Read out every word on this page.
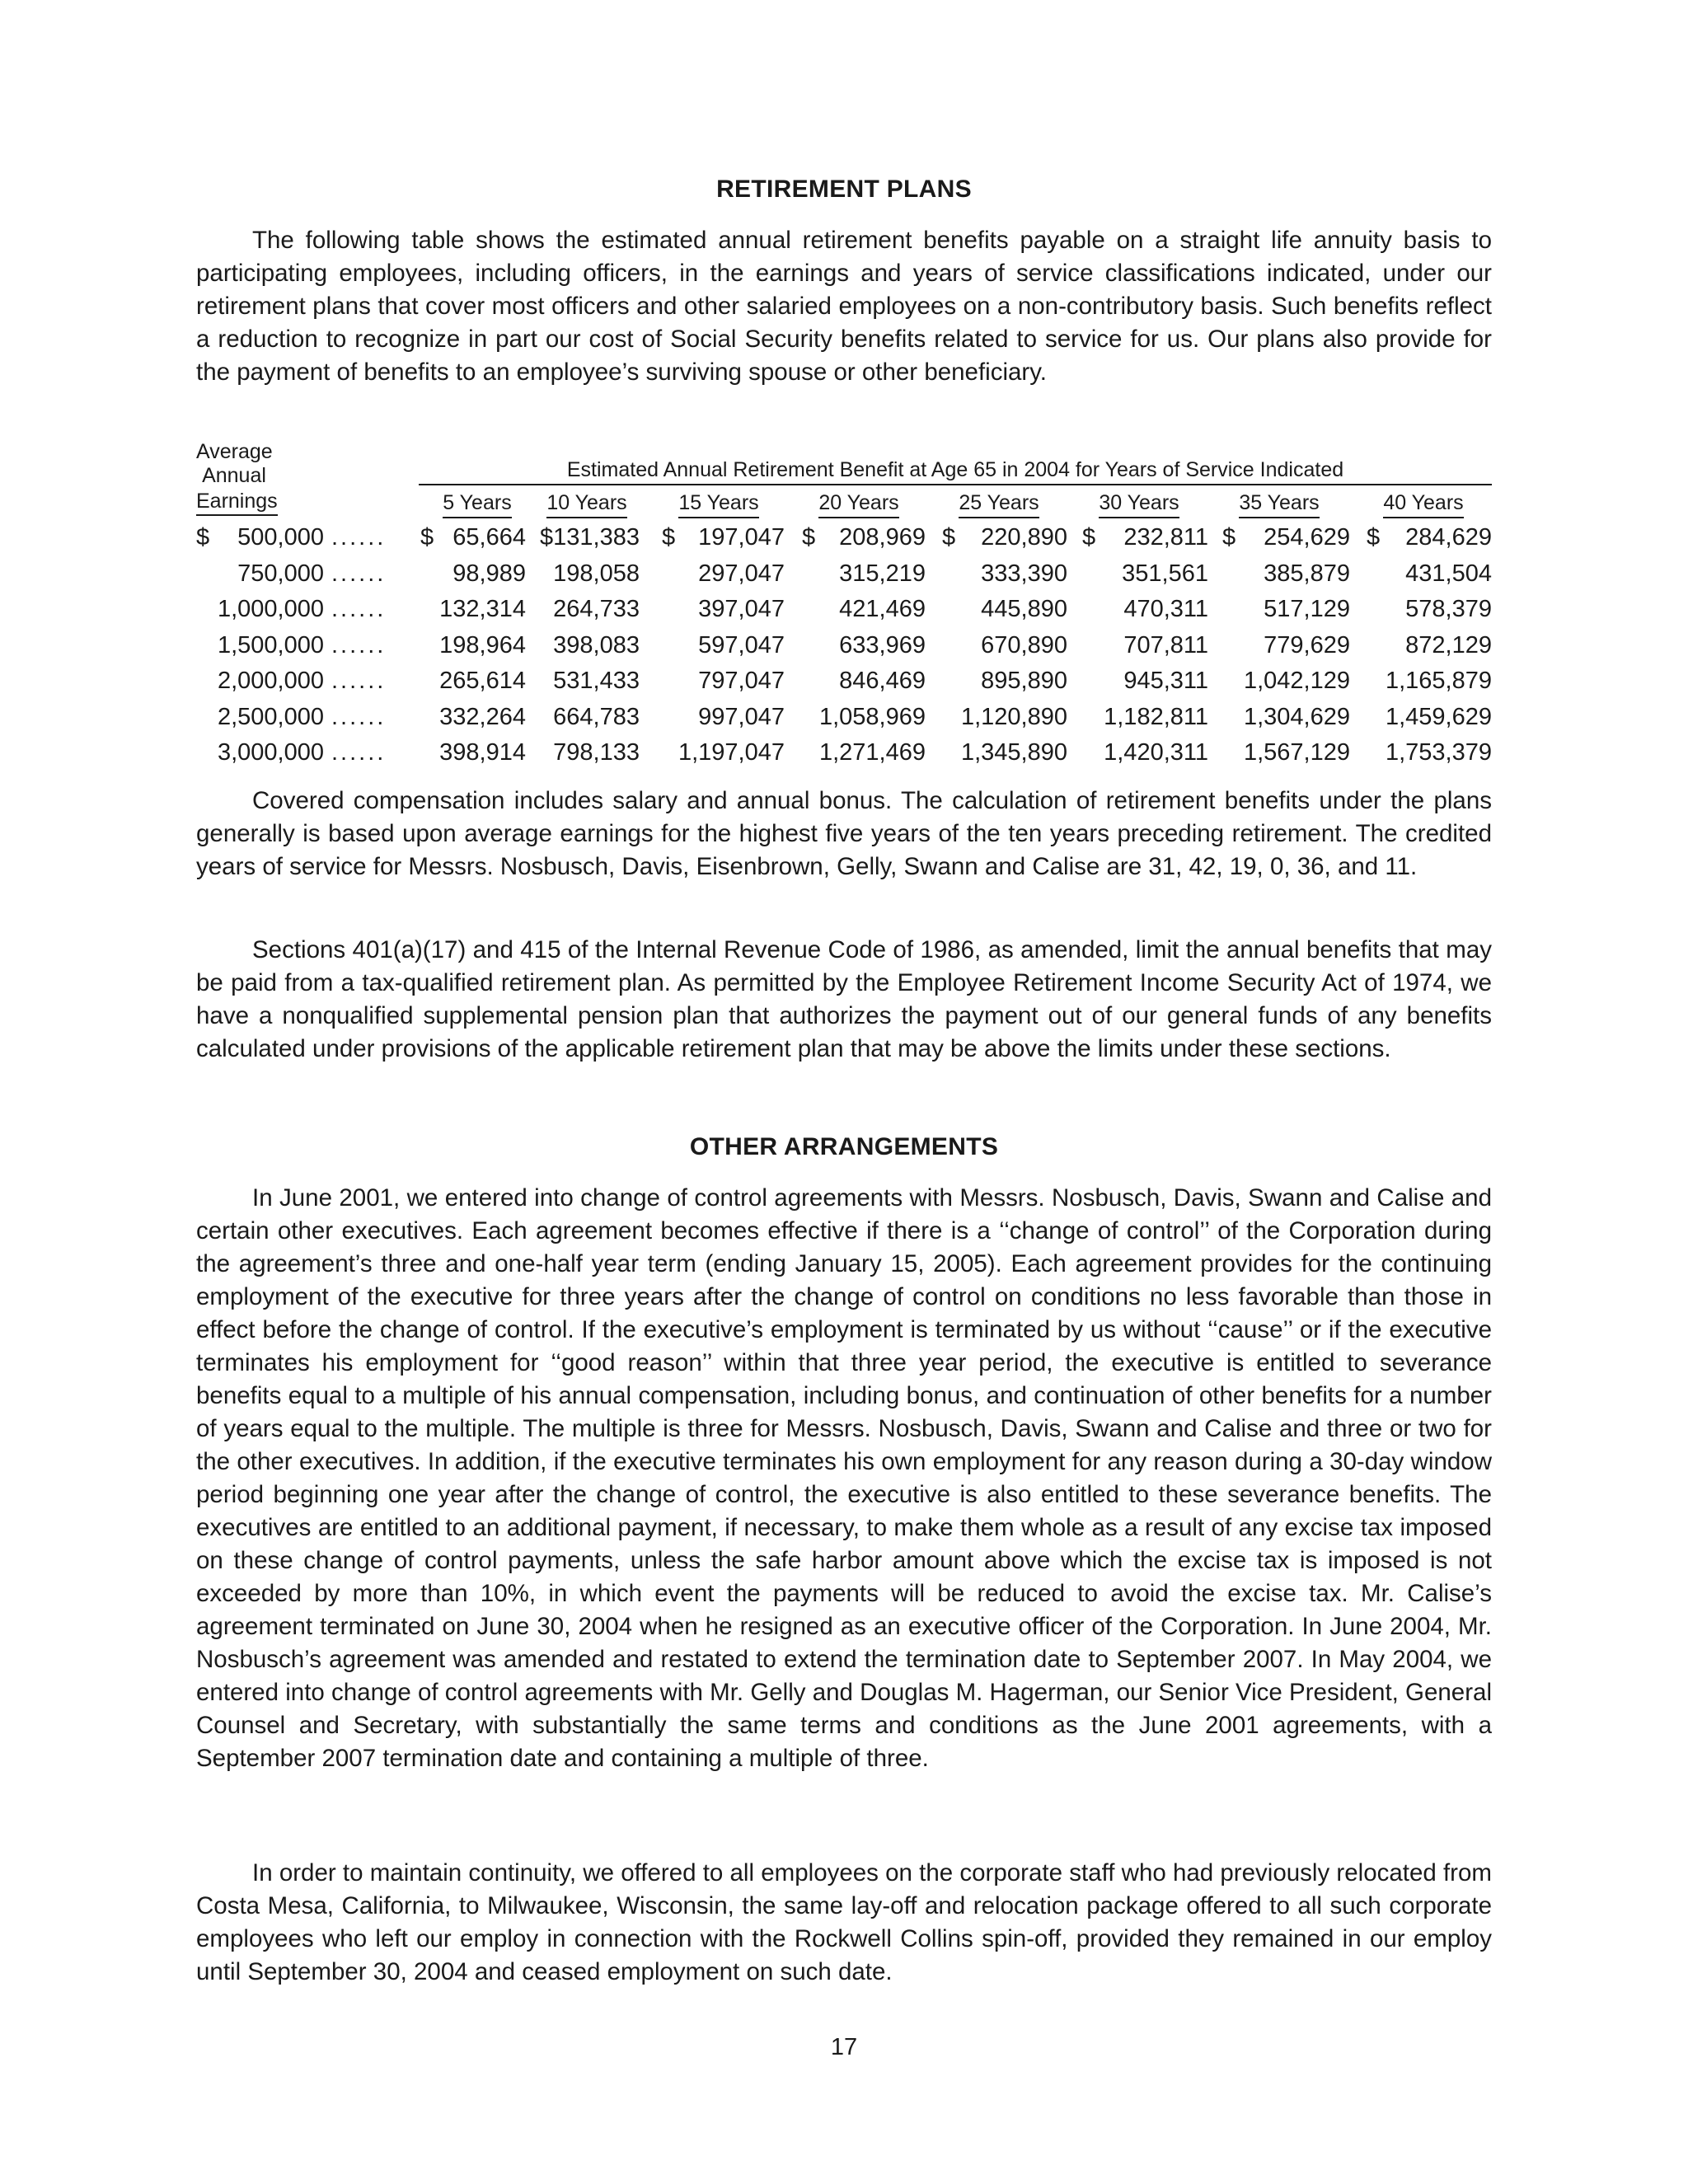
RETIREMENT PLANS

The following table shows the estimated annual retirement benefits payable on a straight life annuity basis to participating employees, including officers, in the earnings and years of service classifications indicated, under our retirement plans that cover most officers and other salaried employees on a non-contributory basis. Such benefits reflect a reduction to recognize in part our cost of Social Security benefits related to service for us. Our plans also provide for the payment of benefits to an employee’s surviving spouse or other beneficiary.

Average
Annual
Earnings
Estimated Annual Retirement Benefit at Age 65 in 2004 for Years of Service Indicated
5 Years	10 Years	15 Years	20 Years	25 Years	30 Years	35 Years	40 Years
$	500,000 ...... $ 65,664 $131,383 $ 197,047 $	208,969 $	220,890 $	232,811 $	254,629 $	284,629
750,000 ......	98,989	198,058	297,047	315,219	333,390	351,561	385,879	431,504
1,000,000 ......	132,314	264,733	397,047	421,469	445,890	470,311	517,129	578,379
1,500,000 ......	198,964	398,083	597,047	633,969	670,890	707,811	779,629	872,129
2,000,000 ......	265,614	531,433	797,047	846,469	895,890	945,311	1,042,129	1,165,879
2,500,000 ......	332,264	664,783	997,047	1,058,969	1,120,890	1,182,811	1,304,629	1,459,629
3,000,000 ......	398,914	798,133	1,197,047	1,271,469	1,345,890	1,420,311	1,567,129	1,753,379

Covered compensation includes salary and annual bonus. The calculation of retirement benefits under the plans generally is based upon average earnings for the highest five years of the ten years preceding retirement. The credited years of service for Messrs. Nosbusch, Davis, Eisenbrown, Gelly, Swann and Calise are 31, 42, 19, 0, 36, and 11.

Sections 401(a)(17) and 415 of the Internal Revenue Code of 1986, as amended, limit the annual benefits that may be paid from a tax-qualified retirement plan. As permitted by the Employee Retirement Income Security Act of 1974, we have a nonqualified supplemental pension plan that authorizes the payment out of our general funds of any benefits calculated under provisions of the applicable retirement plan that may be above the limits under these sections.

OTHER ARRANGEMENTS

In June 2001, we entered into change of control agreements with Messrs. Nosbusch, Davis, Swann and Calise and certain other executives. Each agreement becomes effective if there is a ‘‘change of control’’ of the Corporation during the agreement’s three and one-half year term (ending January 15, 2005). Each agreement provides for the continuing employment of the executive for three years after the change of control on conditions no less favorable than those in effect before the change of control. If the executive’s employment is terminated by us without ‘‘cause’’ or if the executive terminates his employment for ‘‘good reason’’ within that three year period, the executive is entitled to severance benefits equal to a multiple of his annual compensation, including bonus, and continuation of other benefits for a number of years equal to the multiple. The multiple is three for Messrs. Nosbusch, Davis, Swann and Calise and three or two for the other executives. In addition, if the executive terminates his own employment for any reason during a 30-day window period beginning one year after the change of control, the executive is also entitled to these severance benefits. The executives are entitled to an additional payment, if necessary, to make them whole as a result of any excise tax imposed on these change of control payments, unless the safe harbor amount above which the excise tax is imposed is not exceeded by more than 10%, in which event the payments will be reduced to avoid the excise tax. Mr. Calise’s agreement terminated on June 30, 2004 when he resigned as an executive officer of the Corporation. In June 2004, Mr. Nosbusch’s agreement was amended and restated to extend the termination date to September 2007. In May 2004, we entered into change of control agreements with Mr. Gelly and Douglas M. Hagerman, our Senior Vice President, General Counsel and Secretary, with substantially the same terms and conditions as the June 2001 agreements, with a September 2007 termination date and containing a multiple of three.

In order to maintain continuity, we offered to all employees on the corporate staff who had previously relocated from Costa Mesa, California, to Milwaukee, Wisconsin, the same lay-off and relocation package offered to all such corporate employees who left our employ in connection with the Rockwell Collins spin-off, provided they remained in our employ until September 30, 2004 and ceased employment on such date.

17
